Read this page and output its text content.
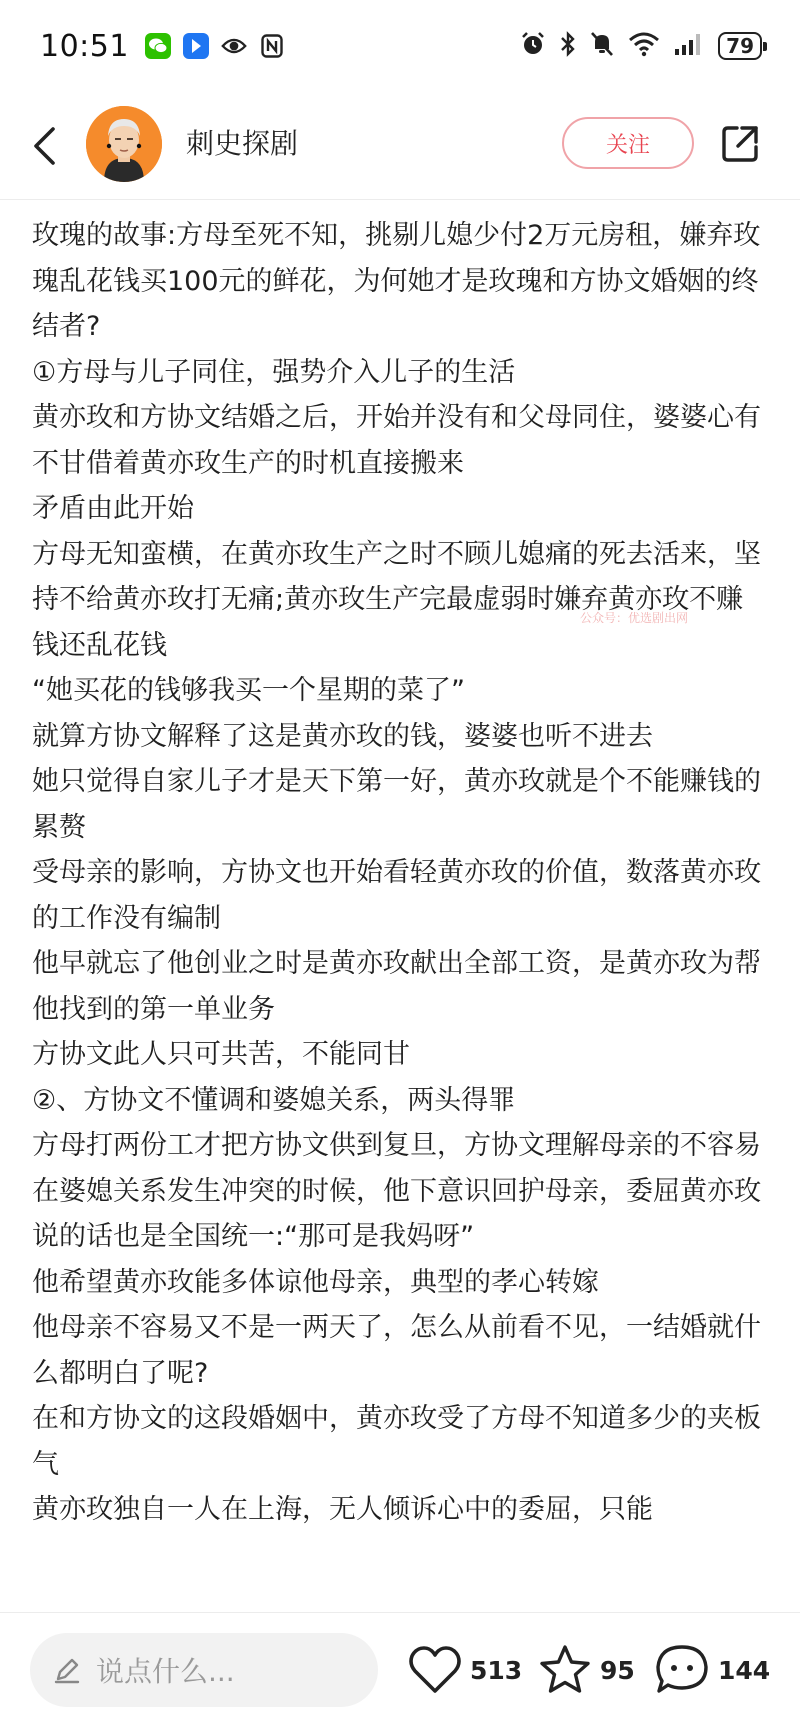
10:51	79
刺史探剧	关注

玫瑰的故事:方母至死不知，挑剔儿媳少付2万元房租，嫌弃玫瑰乱花钱买100元的鲜花，为何她才是玫瑰和方协文婚姻的终结者?

①方母与儿子同住，强势介入儿子的生活

黄亦玫和方协文结婚之后，开始并没有和父母同住，婆婆心有不甘借着黄亦玫生产的时机直接搬来

矛盾由此开始

方母无知蛮横，在黄亦玫生产之时不顾儿媳痛的死去活来，坚持不给黄亦玫打无痛;黄亦玫生产完最虚弱时嫌弃黄亦玫不赚钱还乱花钱

“她买花的钱够我买一个星期的菜了”

就算方协文解释了这是黄亦玫的钱，婆婆也听不进去

她只觉得自家儿子才是天下第一好，黄亦玫就是个不能赚钱的累赘

受母亲的影响，方协文也开始看轻黄亦玫的价值，数落黄亦玫的工作没有编制

他早就忘了他创业之时是黄亦玫献出全部工资，是黄亦玫为帮他找到的第一单业务

方协文此人只可共苦，不能同甘

②、方协文不懂调和婆媳关系，两头得罪

方母打两份工才把方协文供到复旦，方协文理解母亲的不容易

在婆媳关系发生冲突的时候，他下意识回护母亲，委屈黄亦玫

说的话也是全国统一:“那可是我妈呀”

他希望黄亦玫能多体谅他母亲，典型的孝心转嫁

他母亲不容易又不是一两天了，怎么从前看不见，一结婚就什么都明白了呢?

在和方协文的这段婚姻中，黄亦玫受了方母不知道多少的夹板气

黄亦玫独自一人在上海，无人倾诉心中的委屈，只能

公众号：优选剧出网
说点什么...	513	95	144
